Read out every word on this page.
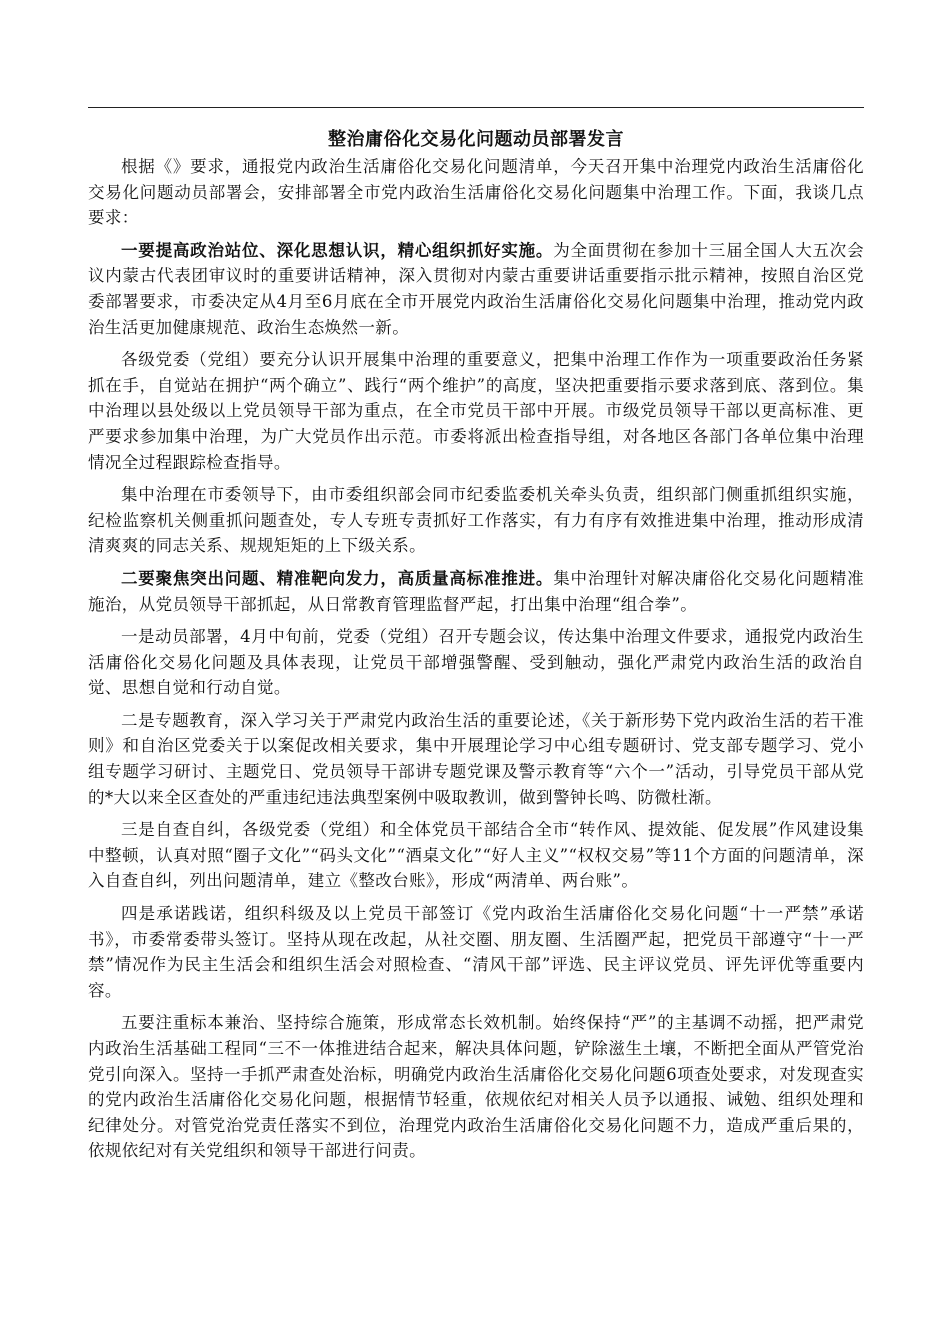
整治庸俗化交易化问题动员部署发言

根据《》要求，通报党内政治生活庸俗化交易化问题清单，今天召开集中治理党内政治生活庸俗化交易化问题动员部署会，安排部署全市党内政治生活庸俗化交易化问题集中治理工作。下面，我谈几点要求：

一要提高政治站位、深化思想认识，精心组织抓好实施。为全面贯彻在参加十三届全国人大五次会议内蒙古代表团审议时的重要讲话精神，深入贯彻对内蒙古重要讲话重要指示批示精神，按照自治区党委部署要求，市委决定从4月至6月底在全市开展党内政治生活庸俗化交易化问题集中治理，推动党内政治生活更加健康规范、政治生态焕然一新。

各级党委（党组）要充分认识开展集中治理的重要意义，把集中治理工作作为一项重要政治任务紧抓在手，自觉站在拥护“两个确立”、践行“两个维护”的高度，坚决把重要指示要求落到底、落到位。集中治理以县处级以上党员领导干部为重点，在全市党员干部中开展。市级党员领导干部以更高标准、更严要求参加集中治理，为广大党员作出示范。市委将派出检查指导组，对各地区各部门各单位集中治理情况全过程跟踪检查指导。

集中治理在市委领导下，由市委组织部会同市纪委监委机关牵头负责，组织部门侧重抓组织实施，纪检监察机关侧重抓问题查处，专人专班专责抓好工作落实，有力有序有效推进集中治理，推动形成清清爽爽的同志关系、规规矩矩的上下级关系。

二要聚焦突出问题、精准靶向发力，高质量高标准推进。集中治理针对解决庸俗化交易化问题精准施治，从党员领导干部抓起，从日常教育管理监督严起，打出集中治理“组合拳”。

一是动员部署，4月中旬前，党委（党组）召开专题会议，传达集中治理文件要求，通报党内政治生活庸俗化交易化问题及具体表现，让党员干部增强警醒、受到触动，强化严肃党内政治生活的政治自觉、思想自觉和行动自觉。

二是专题教育，深入学习关于严肃党内政治生活的重要论述，《关于新形势下党内政治生活的若干准则》和自治区党委关于以案促改相关要求，集中开展理论学习中心组专题研讨、党支部专题学习、党小组专题学习研讨、主题党日、党员领导干部讲专题党课及警示教育等“六个一”活动，引导党员干部从党的*大以来全区查处的严重违纪违法典型案例中吸取教训，做到警钟长鸣、防微杜渐。

三是自查自纠，各级党委（党组）和全体党员干部结合全市“转作风、提效能、促发展”作风建设集中整顿，认真对照“圈子文化”“码头文化”“酒桌文化”“好人主义”“权权交易”等11个方面的问题清单，深入自查自纠，列出问题清单，建立《整改台账》，形成“两清单、两台账”。

四是承诺践诺，组织科级及以上党员干部签订《党内政治生活庸俗化交易化问题“十一严禁”承诺书》，市委常委带头签订。坚持从现在改起，从社交圈、朋友圈、生活圈严起，把党员干部遵守“十一严禁”情况作为民主生活会和组织生活会对照检查、“清风干部”评选、民主评议党员、评先评优等重要内容。

五要注重标本兼治、坚持综合施策，形成常态长效机制。始终保持“严”的主基调不动摇，把严肃党内政治生活基础工程同“三不一体推进结合起来，解决具体问题，铲除滋生土壤，不断把全面从严管党治党引向深入。坚持一手抓严肃查处治标，明确党内政治生活庸俗化交易化问题6项查处要求，对发现查实的党内政治生活庸俗化交易化问题，根据情节轻重，依规依纪对相关人员予以通报、诫勉、组织处理和纪律处分。对管党治党责任落实不到位，治理党内政治生活庸俗化交易化问题不力，造成严重后果的，依规依纪对有关党组织和领导干部进行问责。
